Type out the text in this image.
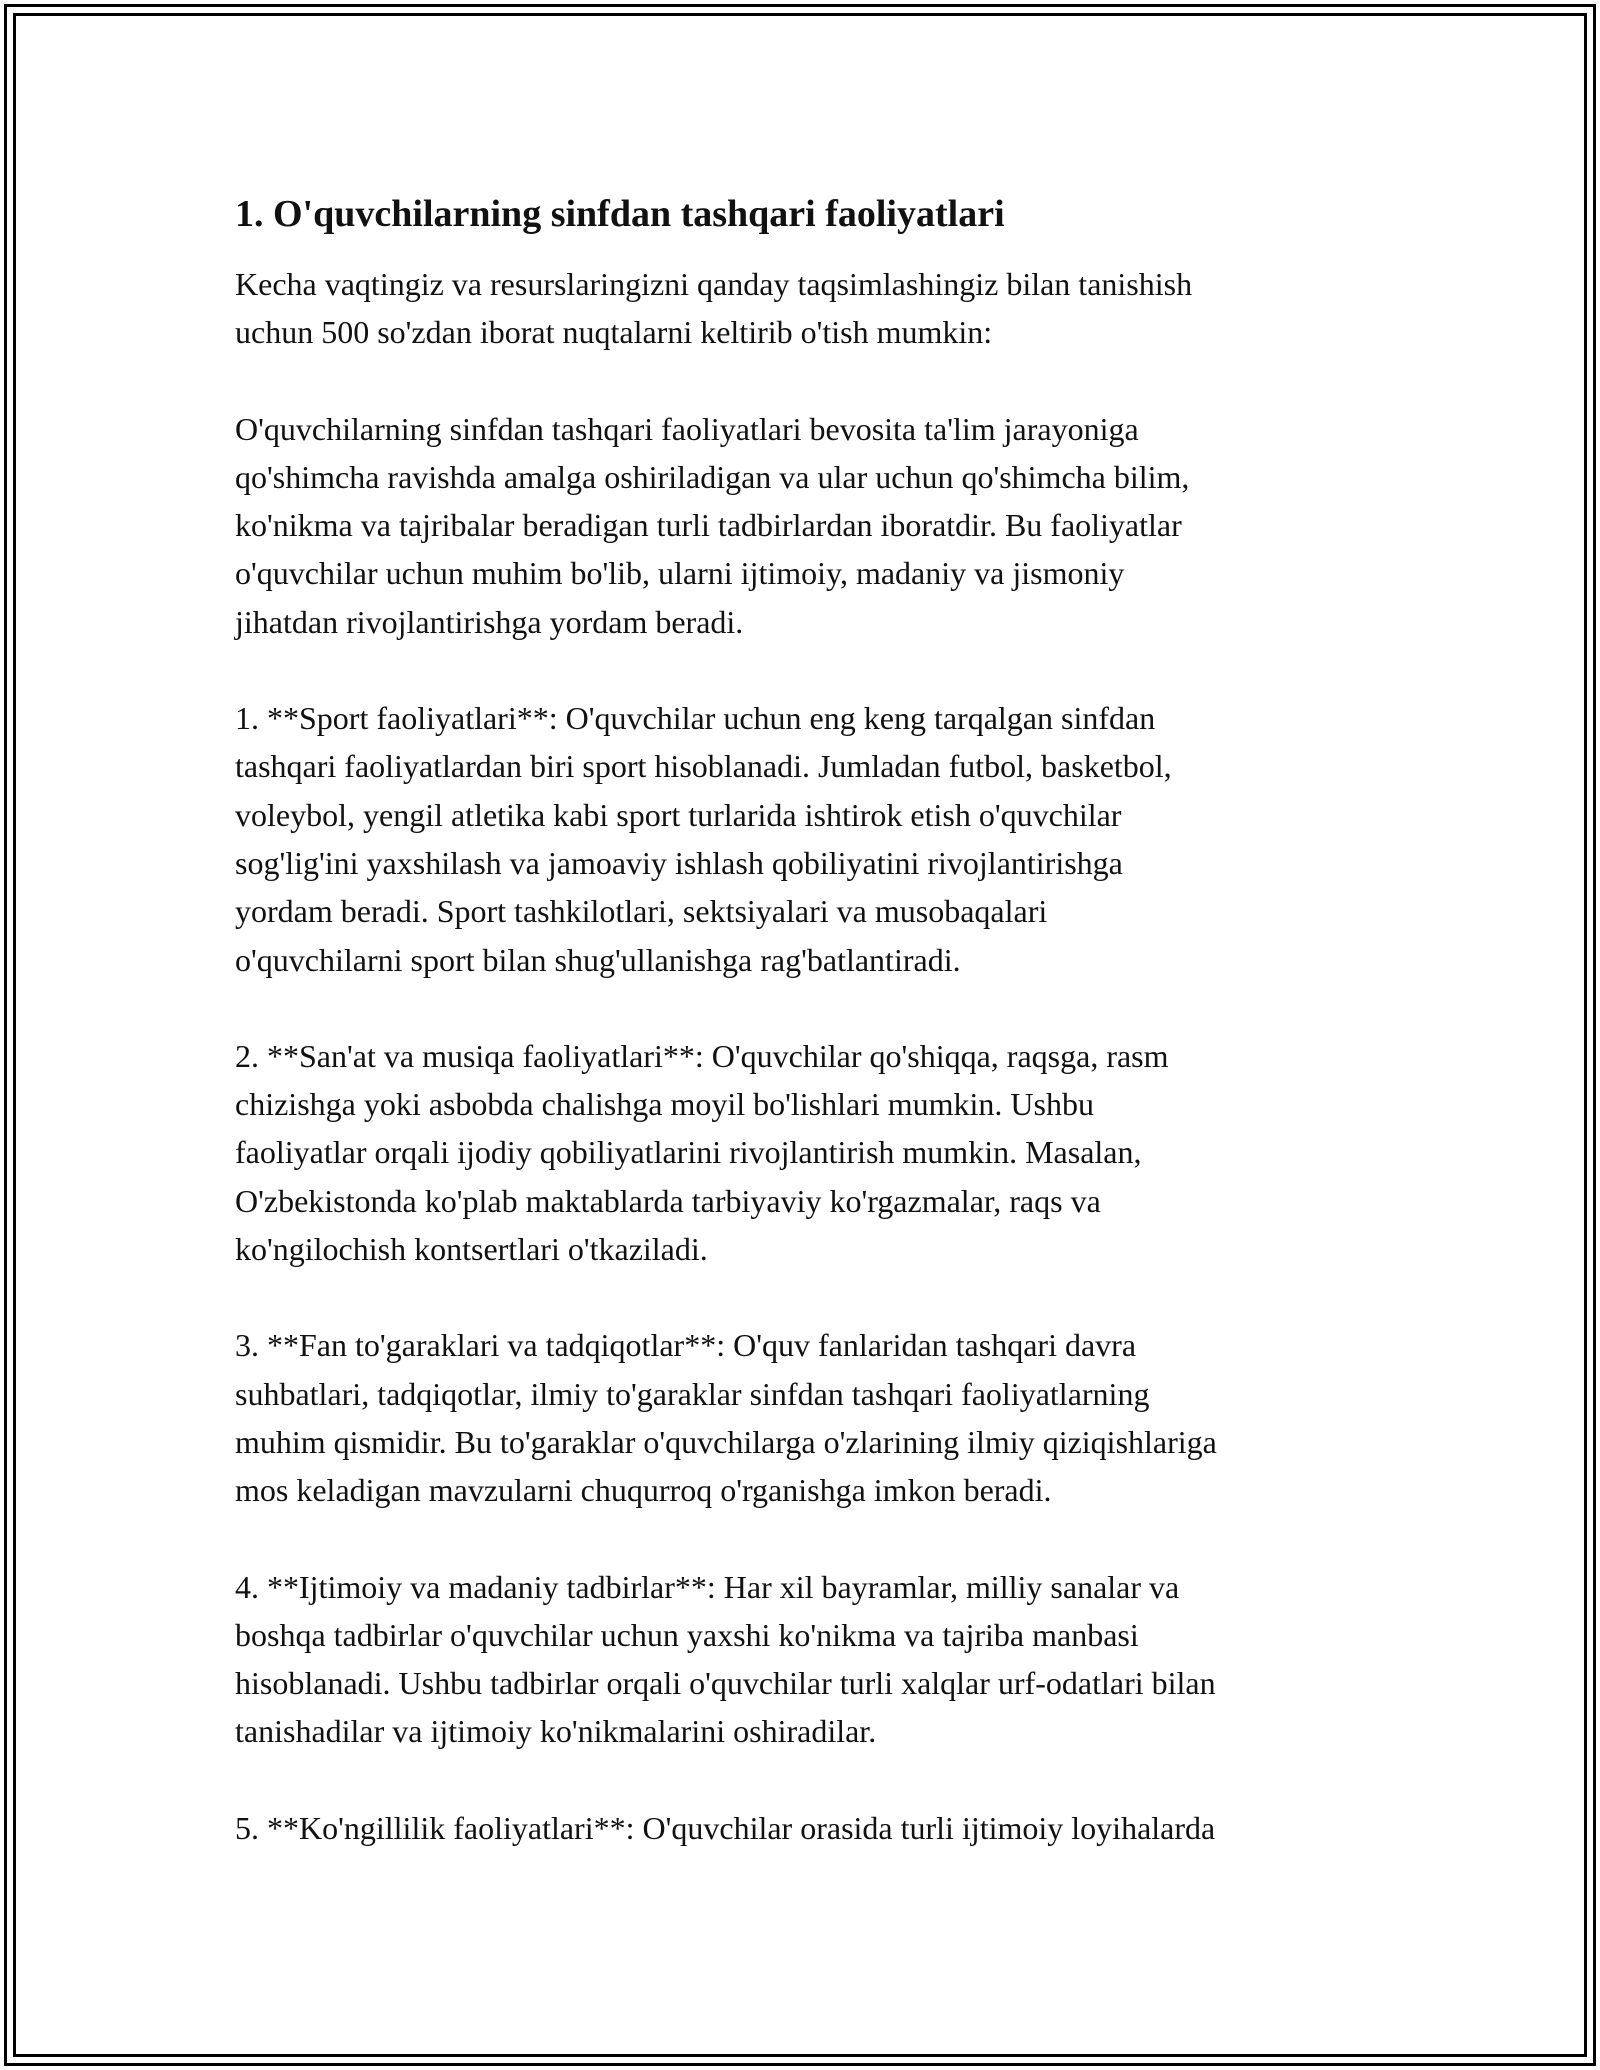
1. O'quvchilarning sinfdan tashqari faoliyatlari

Kecha vaqtingiz va resurslaringizni qanday taqsimlashingiz bilan tanishish
uchun 500 so'zdan iborat nuqtalarni keltirib o'tish mumkin:

O'quvchilarning sinfdan tashqari faoliyatlari bevosita ta'lim jarayoniga
qo'shimcha ravishda amalga oshiriladigan va ular uchun qo'shimcha bilim,
ko'nikma va tajribalar beradigan turli tadbirlardan iboratdir. Bu faoliyatlar
o'quvchilar uchun muhim bo'lib, ularni ijtimoiy, madaniy va jismoniy
jihatdan rivojlantirishga yordam beradi.

1. **Sport faoliyatlari**: O'quvchilar uchun eng keng tarqalgan sinfdan
tashqari faoliyatlardan biri sport hisoblanadi. Jumladan futbol, basketbol,
voleybol, yengil atletika kabi sport turlarida ishtirok etish o'quvchilar
sog'lig'ini yaxshilash va jamoaviy ishlash qobiliyatini rivojlantirishga
yordam beradi. Sport tashkilotlari, sektsiyalari va musobaqalari
o'quvchilarni sport bilan shug'ullanishga rag'batlantiradi.

2. **San'at va musiqa faoliyatlari**: O'quvchilar qo'shiqqa, raqsga, rasm
chizishga yoki asbobda chalishga moyil bo'lishlari mumkin. Ushbu
faoliyatlar orqali ijodiy qobiliyatlarini rivojlantirish mumkin. Masalan,
O'zbekistonda ko'plab maktablarda tarbiyaviy ko'rgazmalar, raqs va
ko'ngilochish kontsertlari o'tkaziladi.

3. **Fan to'garaklari va tadqiqotlar**: O'quv fanlaridan tashqari davra
suhbatlari, tadqiqotlar, ilmiy to'garaklar sinfdan tashqari faoliyatlarning
muhim qismidir. Bu to'garaklar o'quvchilarga o'zlarining ilmiy qiziqishlariga
mos keladigan mavzularni chuqurroq o'rganishga imkon beradi.

4. **Ijtimoiy va madaniy tadbirlar**: Har xil bayramlar, milliy sanalar va
boshqa tadbirlar o'quvchilar uchun yaxshi ko'nikma va tajriba manbasi
hisoblanadi. Ushbu tadbirlar orqali o'quvchilar turli xalqlar urf-odatlari bilan
tanishadilar va ijtimoiy ko'nikmalarini oshiradilar.

5. **Ko'ngillilik faoliyatlari**: O'quvchilar orasida turli ijtimoiy loyihalarda
